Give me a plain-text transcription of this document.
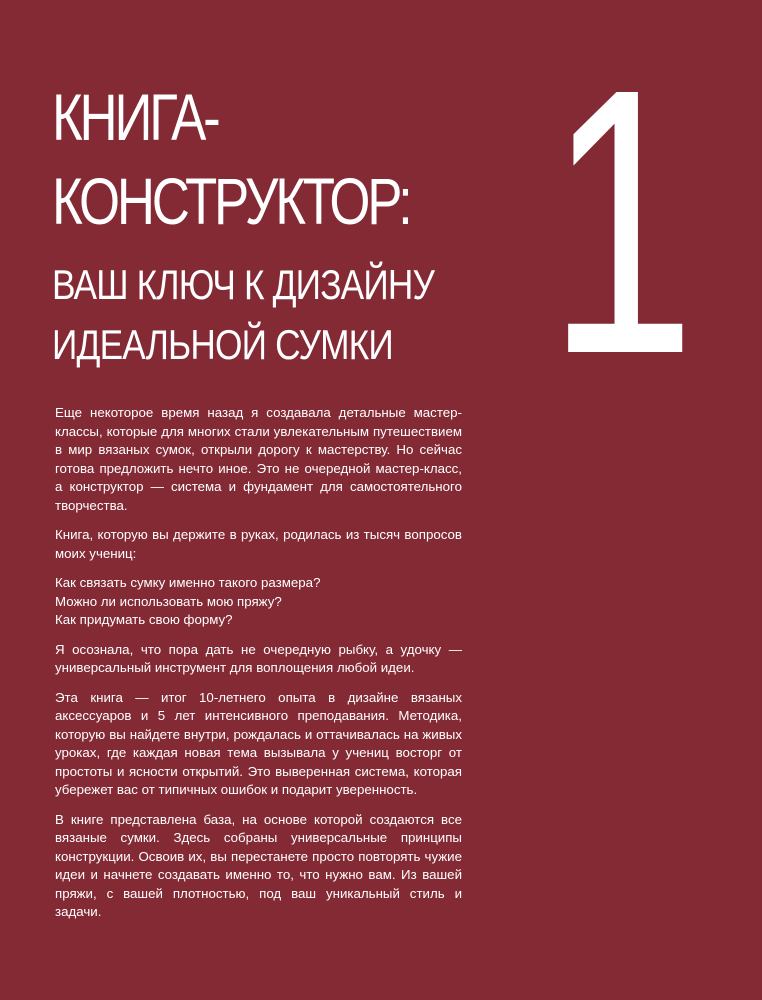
КНИГА-
КОНСТРУКТОР:
ВАШ КЛЮЧ К ДИЗАЙНУ
ИДЕАЛЬНОЙ СУМКИ 1

Еще некоторое время назад я создавала детальные мастер-классы, которые для многих стали увлекательным путешествием в мир вязаных сумок, открыли дорогу к мастерству. Но сейчас готова предложить нечто иное. Это не очередной мастер-класс, а конструктор — система и фундамент для самостоятельного творчества.

Книга, которую вы держите в руках, родилась из тысяч вопросов моих учениц:

Как связать сумку именно такого размера?
Можно ли использовать мою пряжу?
Как придумать свою форму?

Я осознала, что пора дать не очередную рыбку, а удочку — универсальный инструмент для воплощения любой идеи.

Эта книга — итог 10-летнего опыта в дизайне вязаных аксессуаров и 5 лет интенсивного преподавания. Методика, которую вы найдете внутри, рождалась и оттачивалась на живых уроках, где каждая новая тема вызывала у учениц восторг от простоты и ясности открытий. Это выверенная система, которая убережет вас от типичных ошибок и подарит уверенность.

В книге представлена база, на основе которой создаются все вязаные сумки. Здесь собраны универсальные принципы конструкции. Освоив их, вы перестанете просто повторять чужие идеи и начнете создавать именно то, что нужно вам. Из вашей пряжи, с вашей плотностью, под ваш уникальный стиль и задачи.
